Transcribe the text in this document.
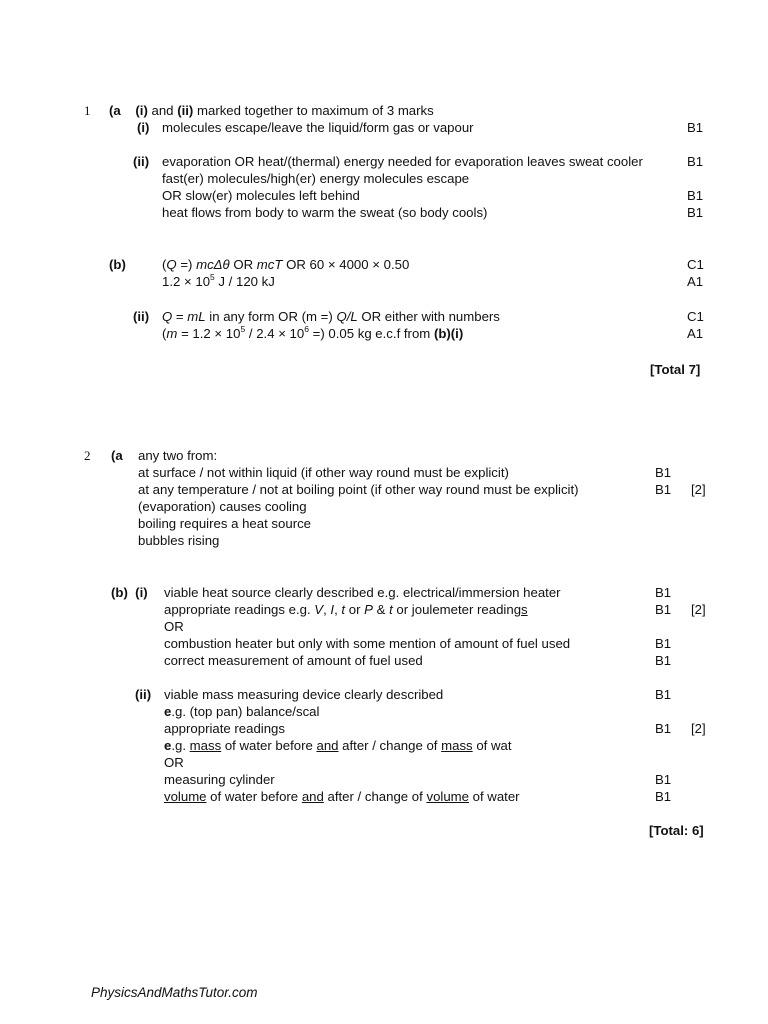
1 (a (i) and (ii) marked together to maximum of 3 marks
(i) molecules escape/leave the liquid/form gas or vapour	B1
(ii) evaporation OR heat/(thermal) energy needed for evaporation leaves sweat cooler	B1
fast(er) molecules/high(er) energy molecules escape
OR slow(er) molecules left behind	B1
heat flows from body to warm the sweat (so body cools)	B1
(b)	(Q =) mcΔθ OR mcT OR 60 × 4000 × 0.50	C1
$1.2 \times 10^5$ J / 120 kJ	A1
(ii) Q = mL in any form OR (m =) Q/L OR either with numbers	C1
($m = 1.2 \times 10^5 / 2.4 \times 10^6$ =) 0.05 kg e.c.f from (b)(i)	A1
[Total 7]
2 (a any two from:
at surface / not within liquid (if other way round must be explicit)	B1
at any temperature / not at boiling point (if other way round must be explicit)	B1 [2]
(evaporation) causes cooling
boiling requires a heat source
bubbles rising
(b) (i) viable heat source clearly described e.g. electrical/immersion heater	B1
appropriate readings e.g. V, I, t or P & t or joulemeter readings	B1 [2]
OR
combustion heater but only with some mention of amount of fuel used	B1
correct measurement of amount of fuel used	B1
(ii) viable mass measuring device clearly described	B1
e.g. (top pan) balance/scal
appropriate readings	B1 [2]
e.g. mass of water before and after / change of mass of wat
OR
measuring cylinder	B1
volume of water before and after / change of volume of water	B1
[Total: 6]
PhysicsAndMathsTutor.com
